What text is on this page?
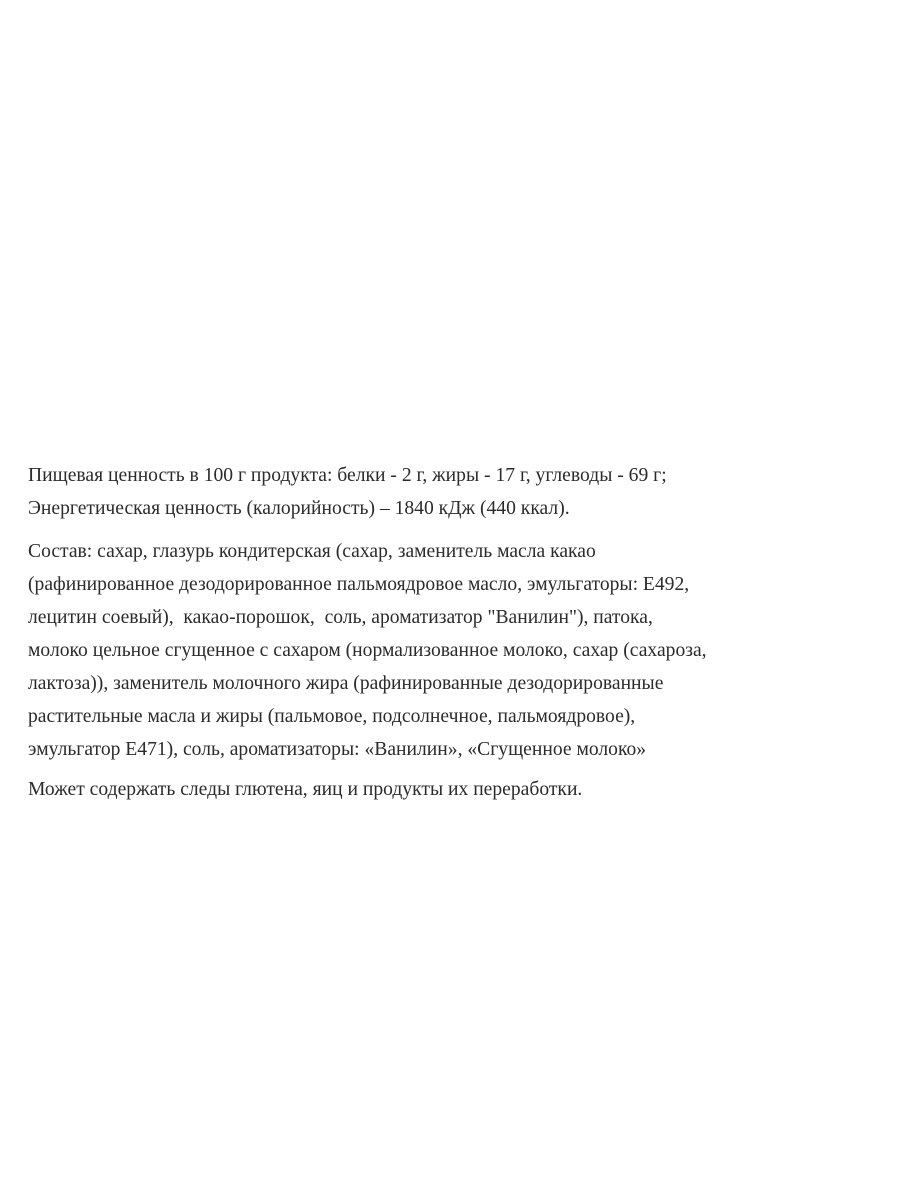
Пищевая ценность в 100 г продукта: белки - 2 г, жиры - 17 г, углеводы - 69 г;
Энергетическая ценность (калорийность) – 1840 кДж (440 ккал).

Состав: сахар, глазурь кондитерская (сахар, заменитель масла какао
(рафинированное дезодорированное пальмоядровое масло, эмульгаторы: Е492,
лецитин соевый),  какао-порошок,  соль, ароматизатор "Ванилин"), патока,
молоко цельное сгущенное с сахаром (нормализованное молоко, сахар (сахароза,
лактоза)), заменитель молочного жира (рафинированные дезодорированные
растительные масла и жиры (пальмовое, подсолнечное, пальмоядровое),
эмульгатор Е471), соль, ароматизаторы: «Ванилин», «Сгущенное молоко»

Может содержать следы глютена, яиц и продукты их переработки.
